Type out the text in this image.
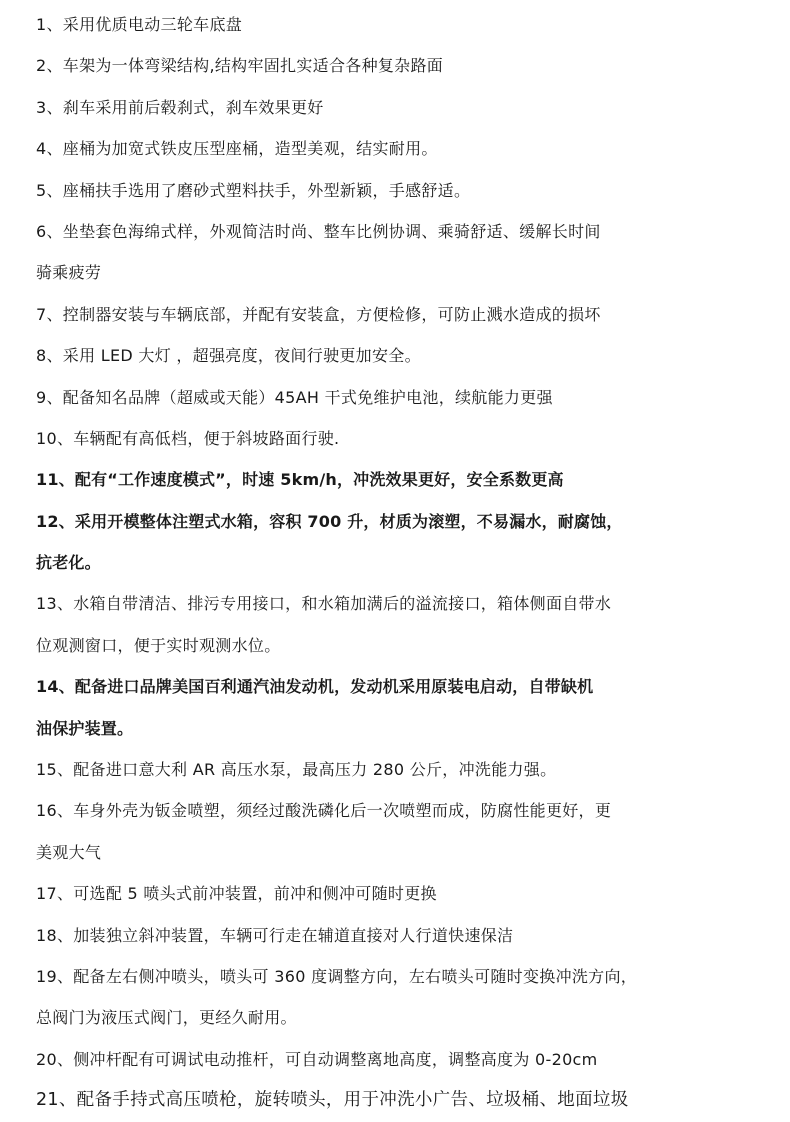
1、采用优质电动三轮车底盘
2、车架为一体弯梁结构,结构牢固扎实适合各种复杂路面
3、刹车采用前后毂刹式，刹车效果更好
4、座桶为加宽式铁皮压型座桶，造型美观，结实耐用。
5、座桶扶手选用了磨砂式塑料扶手，外型新颖，手感舒适。
6、坐垫套色海绵式样，外观简洁时尚、整车比例协调、乘骑舒适、缓解长时间
骑乘疲劳
7、控制器安装与车辆底部，并配有安装盒，方便检修，可防止溅水造成的损坏
8、采用 LED 大灯 ，超强亮度，夜间行驶更加安全。
9、配备知名品牌（超威或天能）45AH 干式免维护电池，续航能力更强
10、车辆配有高低档，便于斜坡路面行驶.
11、配有“工作速度模式”，时速 5km/h，冲洗效果更好，安全系数更高
12、采用开模整体注塑式水箱，容积 700 升，材质为滚塑，不易漏水，耐腐蚀，
抗老化。
13、水箱自带清洁、排污专用接口，和水箱加满后的溢流接口，箱体侧面自带水
位观测窗口，便于实时观测水位。
14、配备进口品牌美国百利通汽油发动机，发动机采用原装电启动，自带缺机
油保护装置。
15、配备进口意大利 AR 高压水泵，最高压力 280 公斤，冲洗能力强。
16、车身外壳为钣金喷塑，须经过酸洗磷化后一次喷塑而成，防腐性能更好，更
美观大气
17、可选配 5 喷头式前冲装置，前冲和侧冲可随时更换
18、加装独立斜冲装置，车辆可行走在辅道直接对人行道快速保洁
19、配备左右侧冲喷头，喷头可 360 度调整方向，左右喷头可随时变换冲洗方向，
总阀门为液压式阀门，更经久耐用。
20、侧冲杆配有可调试电动推杆，可自动调整离地高度，调整高度为 0-20cm
21、配备手持式高压喷枪，旋转喷头，用于冲洗小广告、垃圾桶、地面垃圾
